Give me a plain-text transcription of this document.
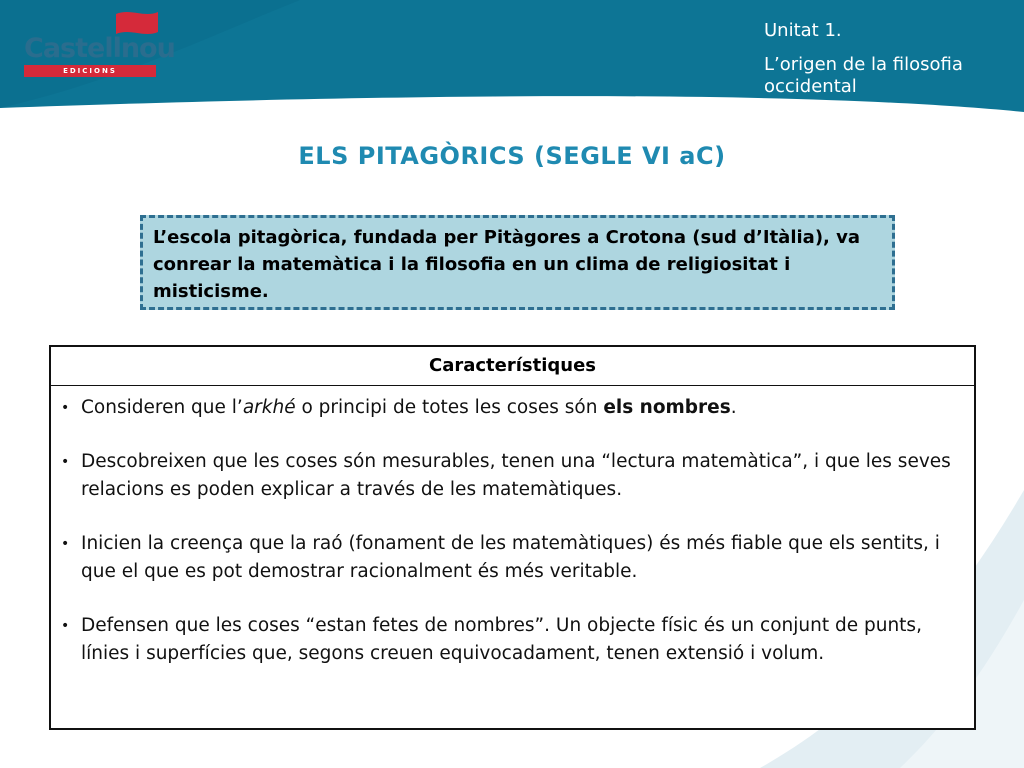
Castellnou
EDICIONS
Unitat 1.
L’origen de la filosofia occidental
ELS PITAGÒRICS (SEGLE VI aC)
L’escola pitagòrica, fundada per Pitàgores a Crotona (sud d’Itàlia), va conrear la matemàtica i la filosofia en un clima de religiositat i misticisme.
Característiques
• Consideren que l’arkhé o principi de totes les coses són els nombres.
• Descobreixen que les coses són mesurables, tenen una “lectura matemàtica”, i que les seves relacions es poden explicar a través de les matemàtiques.
• Inicien la creença que la raó (fonament de les matemàtiques) és més fiable que els sentits, i que el que es pot demostrar racionalment és més veritable.
• Defensen que les coses “estan fetes de nombres”. Un objecte físic és un conjunt de punts, línies i superfícies que, segons creuen equivocadament, tenen extensió i volum.
